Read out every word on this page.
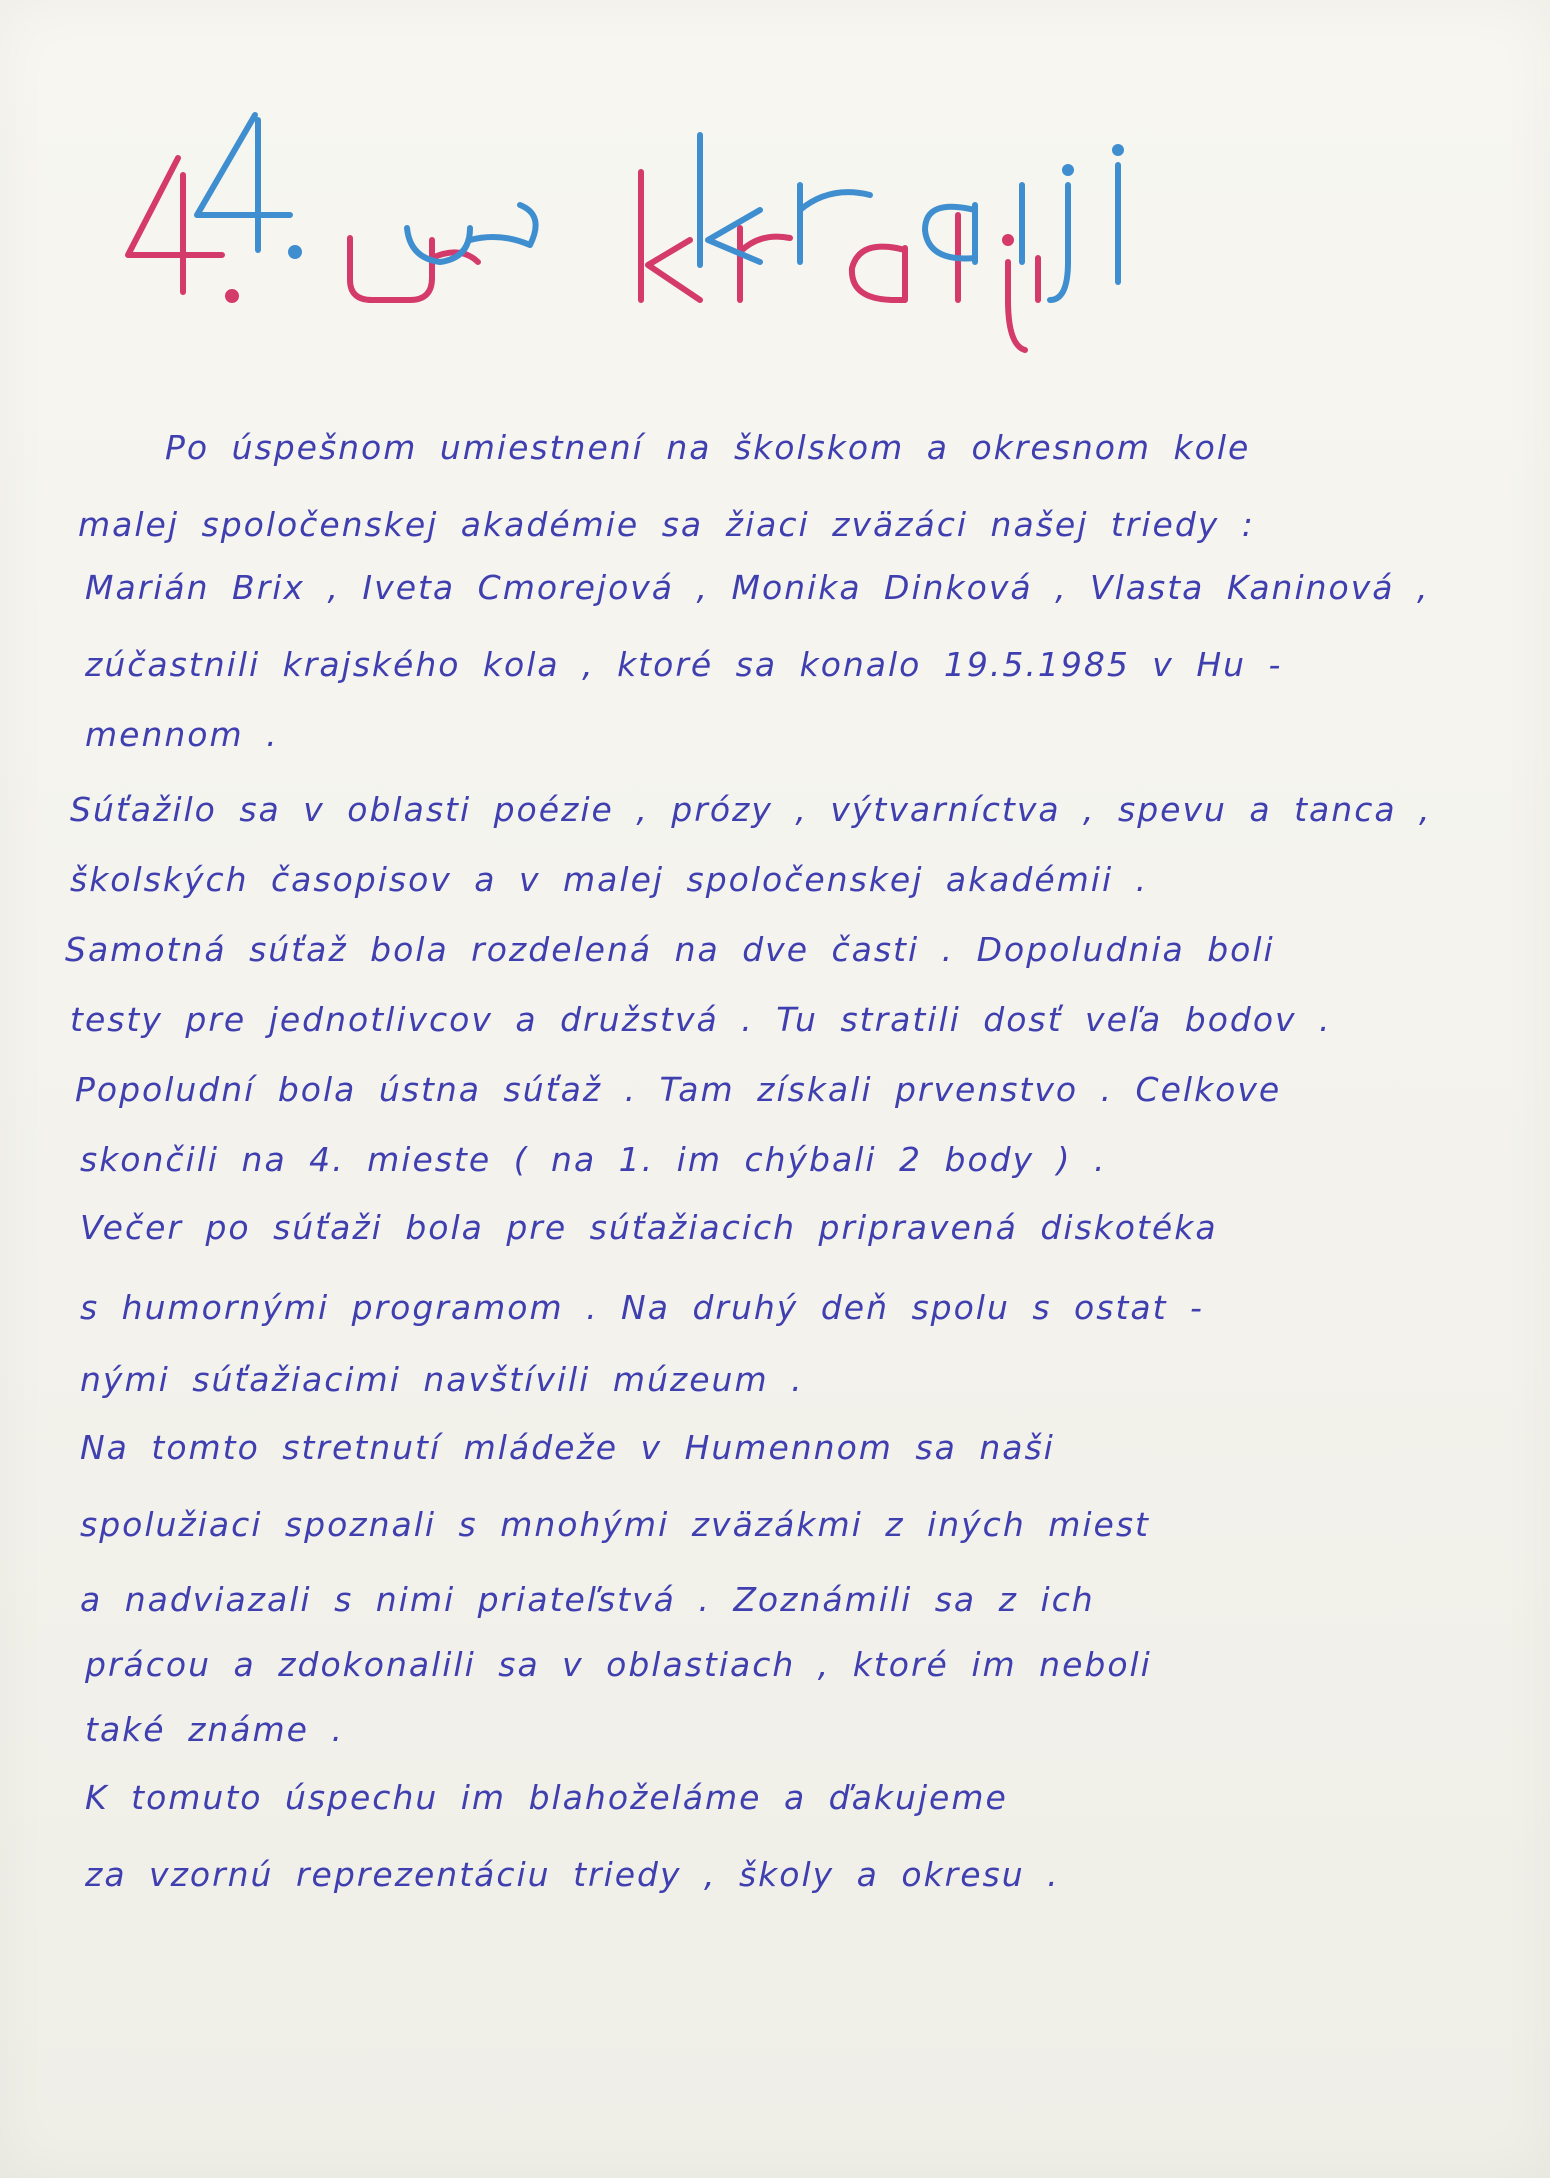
Po úspešnom umiestnení na školskom a okresnom kole
malej spoločenskej akadémie sa žiaci zväzáci našej triedy :
Marián Brix , Iveta Cmorejová , Monika Dinková , Vlasta Kaninová ,
zúčastnili krajského kola , ktoré sa konalo 19.5.1985 v Hu -
mennom .
Súťažilo sa v oblasti poézie , prózy , výtvarníctva , spevu a tanca ,
školských časopisov a v malej spoločenskej akadémii .
Samotná súťaž bola rozdelená na dve časti . Dopoludnia boli
testy pre jednotlivcov a družstvá . Tu stratili dosť veľa bodov .
Popoludní bola ústna súťaž . Tam získali prvenstvo . Celkove
skončili na 4. mieste ( na 1. im chýbali 2 body ) .
Večer po súťaži bola pre súťažiacich pripravená diskotéka
s humornými programom . Na druhý deň spolu s ostat -
nými súťažiacimi navštívili múzeum .
Na tomto stretnutí mládeže v Humennom sa naši
spolužiaci spoznali s mnohými zväzákmi z iných miest
a nadviazali s nimi priateľstvá . Zoznámili sa z ich
prácou a zdokonalili sa v oblastiach , ktoré im neboli
také známe .
K tomuto úspechu im blahoželáme a ďakujeme
za vzornú reprezentáciu triedy , školy a okresu .
